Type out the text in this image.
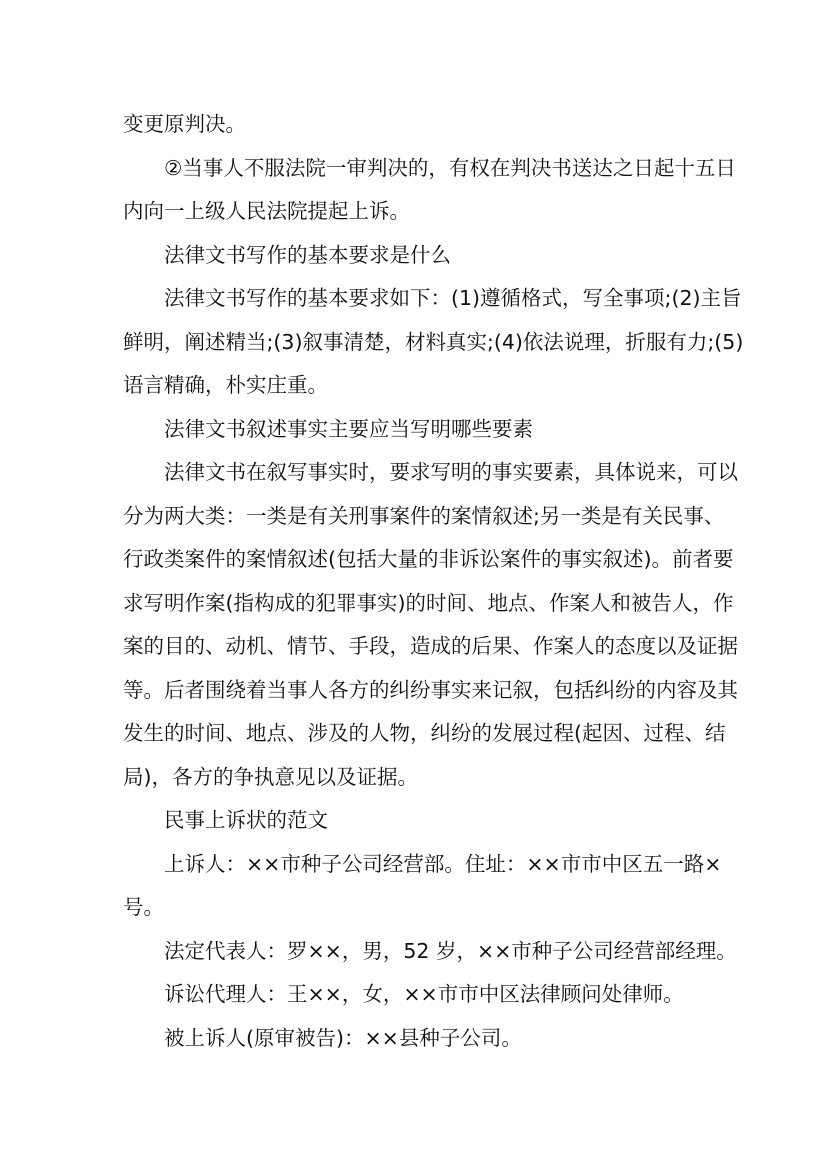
变更原判决。
②当事人不服法院一审判决的，有权在判决书送达之日起十五日
内向一上级人民法院提起上诉。
法律文书写作的基本要求是什么
法律文书写作的基本要求如下：(1)遵循格式，写全事项;(2)主旨
鲜明，阐述精当;(3)叙事清楚，材料真实;(4)依法说理，折服有力;(5)
语言精确，朴实庄重。
法律文书叙述事实主要应当写明哪些要素
法律文书在叙写事实时，要求写明的事实要素，具体说来，可以
分为两大类：一类是有关刑事案件的案情叙述;另一类是有关民事、
行政类案件的案情叙述(包括大量的非诉讼案件的事实叙述)。前者要
求写明作案(指构成的犯罪事实)的时间、地点、作案人和被告人，作
案的目的、动机、情节、手段，造成的后果、作案人的态度以及证据
等。后者围绕着当事人各方的纠纷事实来记叙，包括纠纷的内容及其
发生的时间、地点、涉及的人物，纠纷的发展过程(起因、过程、结
局)，各方的争执意见以及证据。
民事上诉状的范文
上诉人：××市种子公司经营部。住址：××市市中区五一路×
号。
法定代表人：罗××，男，52 岁，××市种子公司经营部经理。
诉讼代理人：王××，女，××市市中区法律顾问处律师。
被上诉人(原审被告)：××县种子公司。
